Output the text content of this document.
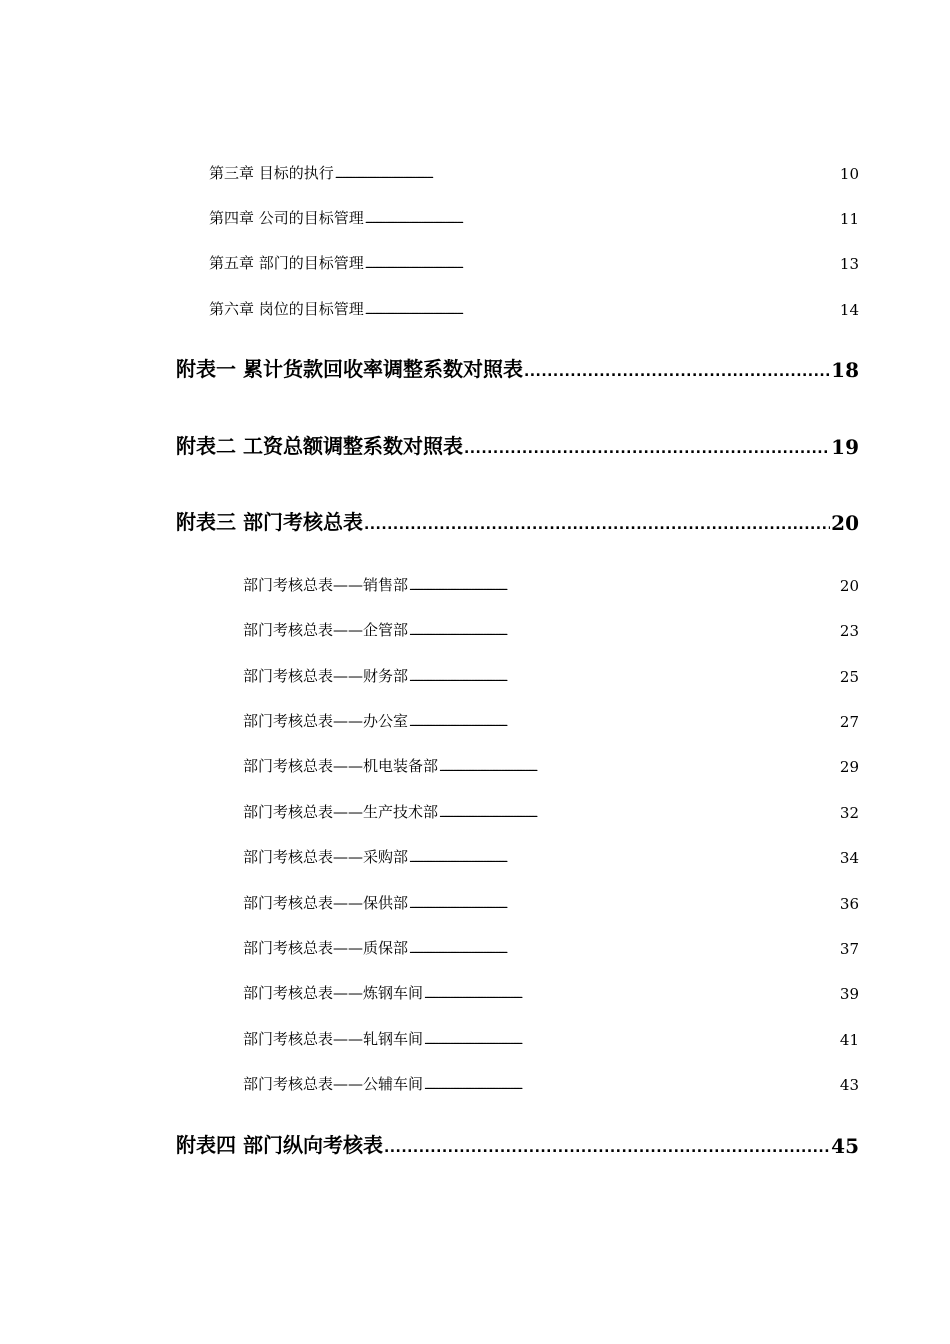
第三章 目标的执行 . . .	10
第四章 公司的目标管理 . . .	11
第五章 部门的目标管理 . . .	13
第六章 岗位的目标管理 . . .	14
附表一 累计货款回收率调整系数对照表 . . .	18
附表二 工资总额调整系数对照表 . . .	19
附表三 部门考核总表 . . .	20
部门考核总表——销售部 . . .	20
部门考核总表——企管部 . . .	23
部门考核总表——财务部 . . .	25
部门考核总表——办公室 . . .	27
部门考核总表——机电装备部 . . .	29
部门考核总表——生产技术部 . . .	32
部门考核总表——采购部 . . .	34
部门考核总表——保供部 . . .	36
部门考核总表——质保部 . . .	37
部门考核总表——炼钢车间 . . .	39
部门考核总表——轧钢车间 . . .	41
部门考核总表——公辅车间 . . .	43
附表四 部门纵向考核表 . . .	45
